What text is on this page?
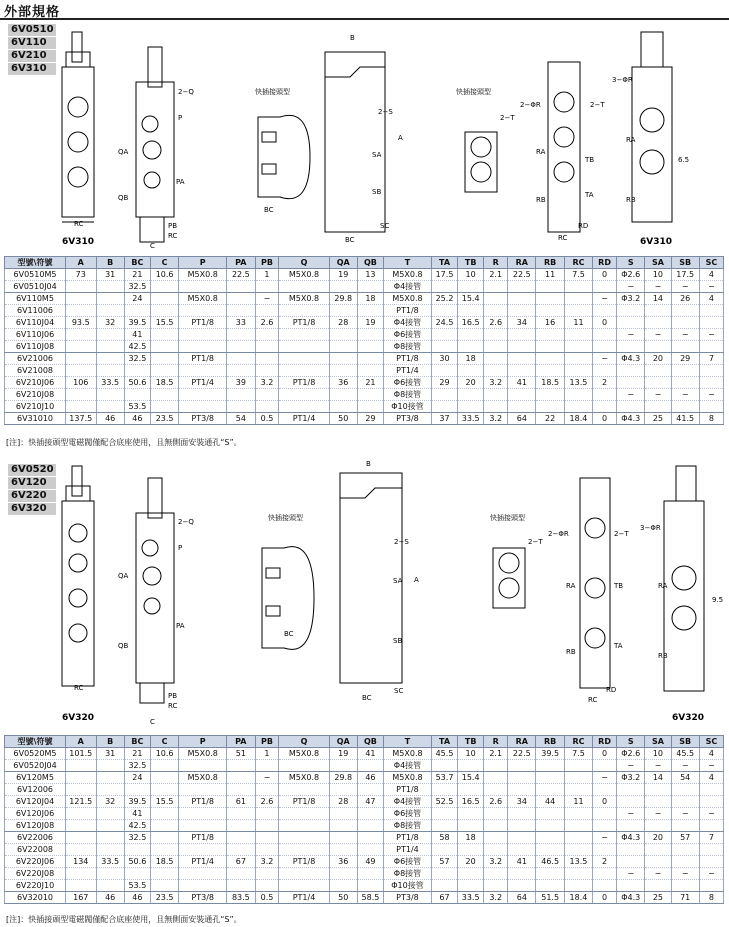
外部規格
6V0510
6V110
6V210
6V310
6V310	6V310
快插接頭型	快插接頭型
2−Q
P
QA
QB
PA
PB
RC
RC
C
BC
BC
B
A
2−S
SA
SB
SC
2−ΦR	2−T
2−T
3−ΦR
RA
RB
TB
TA
RD
RC
RA
RB
6.5
型號\符號	A	B	BC	C	P	PA	PB	Q	QA	QB	T	TA	TB	R	RA	RB	RC	RD	S	SA	SB	SC
6V0510M5	73	31	21	10.6	M5X0.8	22.5	1	M5X0.8	19	13	M5X0.8	17.5	10	2.1	22.5	11	7.5	0	Φ2.6	10	17.5	4
6V0510J04			32.5								Φ4接管								−	−	−	−
6V110M5			24		M5X0.8		−	M5X0.8	29.8	18	M5X0.8	25.2	15.4					−	Φ3.2	14	26	4
6V11006											PT1/8											
6V110J04	93.5	32	39.5	15.5	PT1/8	33	2.6	PT1/8	28	19	Φ4接管	24.5	16.5	2.6	34	16	11	0				
6V110J06			41								Φ6接管								−	−	−	−
6V110J08			42.5								Φ8接管											
6V21006			32.5		PT1/8						PT1/8	30	18					−	Φ4.3	20	29	7
6V21008											PT1/4											
6V210J06	106	33.5	50.6	18.5	PT1/4	39	3.2	PT1/8	36	21	Φ6接管	29	20	3.2	41	18.5	13.5	2				
6V210J08											Φ8接管								−	−	−	−
6V210J10			53.5								Φ10接管											
6V31010	137.5	46	46	23.5	PT3/8	54	0.5	PT1/4	50	29	PT3/8	37	33.5	3.2	64	22	18.4	0	Φ4.3	25	41.5	8
[注]：快插接頭型電磁閥僅配合底座使用，且無側面安裝通孔“S”。
6V0520
6V120
6V220
6V320
6V320	6V320
快插接頭型	快插接頭型
2−Q
P
QA
QB
PA
PB
RC
RC
C
BC
BC
B
A
2−S
SA
SB
SC
2−ΦR	2−T
2−T
3−ΦR
RA
RB
TB
TA
RD
RC
RA
RB
9.5
型號\符號	A	B	BC	C	P	PA	PB	Q	QA	QB	T	TA	TB	R	RA	RB	RC	RD	S	SA	SB	SC
6V0520M5	101.5	31	21	10.6	M5X0.8	51	1	M5X0.8	19	41	M5X0.8	45.5	10	2.1	22.5	39.5	7.5	0	Φ2.6	10	45.5	4
6V0520J04			32.5								Φ4接管								−	−	−	−
6V120M5			24		M5X0.8		−	M5X0.8	29.8	46	M5X0.8	53.7	15.4					−	Φ3.2	14	54	4
6V12006											PT1/8											
6V120J04	121.5	32	39.5	15.5	PT1/8	61	2.6	PT1/8	28	47	Φ4接管	52.5	16.5	2.6	34	44	11	0				
6V120J06			41								Φ6接管								−	−	−	−
6V120J08			42.5								Φ8接管											
6V22006			32.5		PT1/8						PT1/8	58	18					−	Φ4.3	20	57	7
6V22008											PT1/4											
6V220J06	134	33.5	50.6	18.5	PT1/4	67	3.2	PT1/8	36	49	Φ6接管	57	20	3.2	41	46.5	13.5	2				
6V220J08											Φ8接管								−	−	−	−
6V220J10			53.5								Φ10接管											
6V32010	167	46	46	23.5	PT3/8	83.5	0.5	PT1/4	50	58.5	PT3/8	67	33.5	3.2	64	51.5	18.4	0	Φ4.3	25	71	8
[注]：快插接頭型電磁閥僅配合底座使用，且無側面安裝通孔“S”。
